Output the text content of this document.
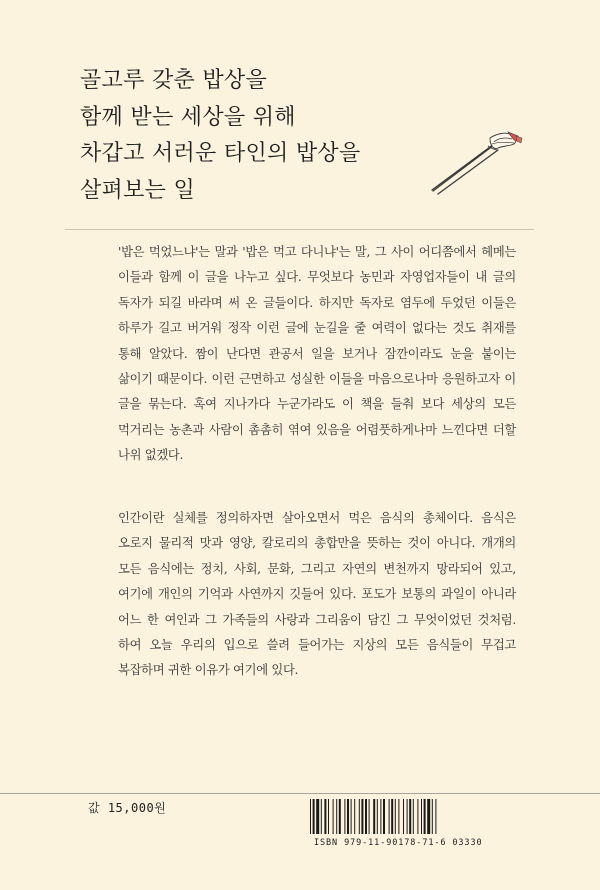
골고루 갖춘 밥상을
함께 받는 세상을 위해
차갑고 서러운 타인의 밥상을
살펴보는 일

'밥은 먹었느냐'는 말과 '밥은 먹고 다니냐'는 말, 그 사이 어디쯤에서 헤메는 이들과 함께 이 글을 나누고 싶다. 무엇보다 농민과 자영업자들이 내 글의 독자가 되길 바라며 써 온 글들이다. 하지만 독자로 염두에 두었던 이들은 하루가 길고 버거워 정작 이런 글에 눈길을 줄 여력이 없다는 것도 취재를 통해 알았다. 짬이 난다면 관공서 일을 보거나 잠깐이라도 눈을 붙이는 삶이기 때문이다. 이런 근면하고 성실한 이들을 마음으로나마 응원하고자 이 글을 묶는다. 혹여 지나가다 누군가라도 이 책을 들춰 보다 세상의 모든 먹거리는 농촌과 사람이 촘촘히 엮여 있음을 어렴풋하게나마 느낀다면 더할 나위 없겠다.

인간이란 실체를 정의하자면 살아오면서 먹은 음식의 총체이다. 음식은 오로지 물리적 맛과 영양, 칼로리의 총합만을 뜻하는 것이 아니다. 개개의 모든 음식에는 정치, 사회, 문화, 그리고 자연의 변천까지 망라되어 있고, 여기에 개인의 기억과 사연까지 깃들어 있다. 포도가 보통의 과일이 아니라 어느 한 여인과 그 가족들의 사랑과 그리움이 담긴 그 무엇이었던 것처럼. 하여 오늘 우리의 입으로 쓸려 들어가는 지상의 모든 음식들이 무겁고 복잡하며 귀한 이유가 여기에 있다.

값 15,000원
ISBN 979-11-90178-71-6 03330
